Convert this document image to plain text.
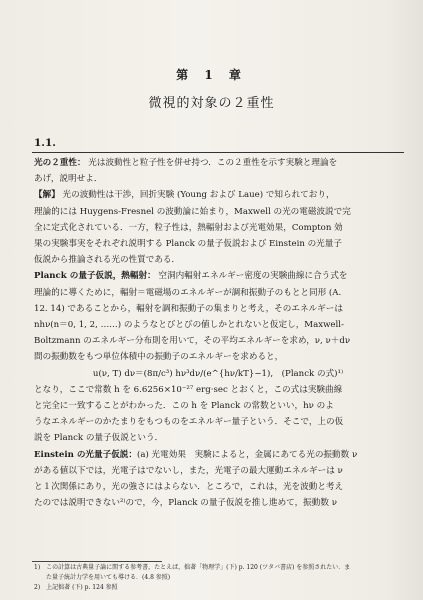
第 1 章
微視的対象の２重性
1.1.

光の２重性： 光は波動性と粒子性を併せ持つ．この２重性を示す実験と理論を

あげ，説明せよ．

【解】 光の波動性は干渉，回折実験 (Young および Laue) で知られており，

理論的には Huygens-Fresnel の波動論に始まり，Maxwell の光の電磁波説で完

全に定式化されている．一方，粒子性は，熱輻射および光電効果，Compton 効

果の実験事実をそれぞれ説明する Planck の量子仮説および Einstein の光量子

仮説から推論される光の性質である．

Planck の量子仮説，熱輻射： 空洞内輻射エネルギー密度の実験曲線に合う式を

理論的に導くために，輻射＝電磁場のエネルギーが調和振動子のもとと同形 (A.

12. 14) であることから，輻射を調和振動子の集まりと考え，そのエネルギーは

nhν(n＝0, 1, 2, ……) のようなとびとびの値しかとれないと仮定し，Maxwell-

Boltzmann のエネルギー分布則を用いて，その平均エネルギーを求め，ν, ν＋dν

間の振動数をもつ単位体積中の振動子のエネルギーを求めると，

u(ν, T) dν＝(8π/c³) hν³dν/(e^{hν/kT}−1),　(Planck の式)¹⁾

となり，ここで常数 h を 6.6256×10⁻²⁷ erg·sec とおくと，この式は実験曲線

と完全に一致することがわかった．この h を Planck の常数といい，hν のよ

うなエネルギーのかたまりをもつものをエネルギー量子という．そこで，上の仮

説を Planck の量子仮説という．

Einstein の光量子仮説：(a) 光電効果　実験によると，金属にあてる光の振動数 ν

がある値以下では，光電子はでないし，また，光電子の最大運動エネルギーは ν

と１次関係にあり，光の強さにはよらない．ところで，これは，光を波動と考え

たのでは説明できない²⁾ので，今，Planck の量子仮説を推し進めて，振動数 ν

1)　この計算は古典量子論に関する参考書，たとえば，拙著「物理学」(下) p. 120 (ツタバ書店) を参照されたい．ま

　　た量子統計力学を用いても導ける．(4.8 参照)

2)　上記拙著 (下) p. 124 参照
